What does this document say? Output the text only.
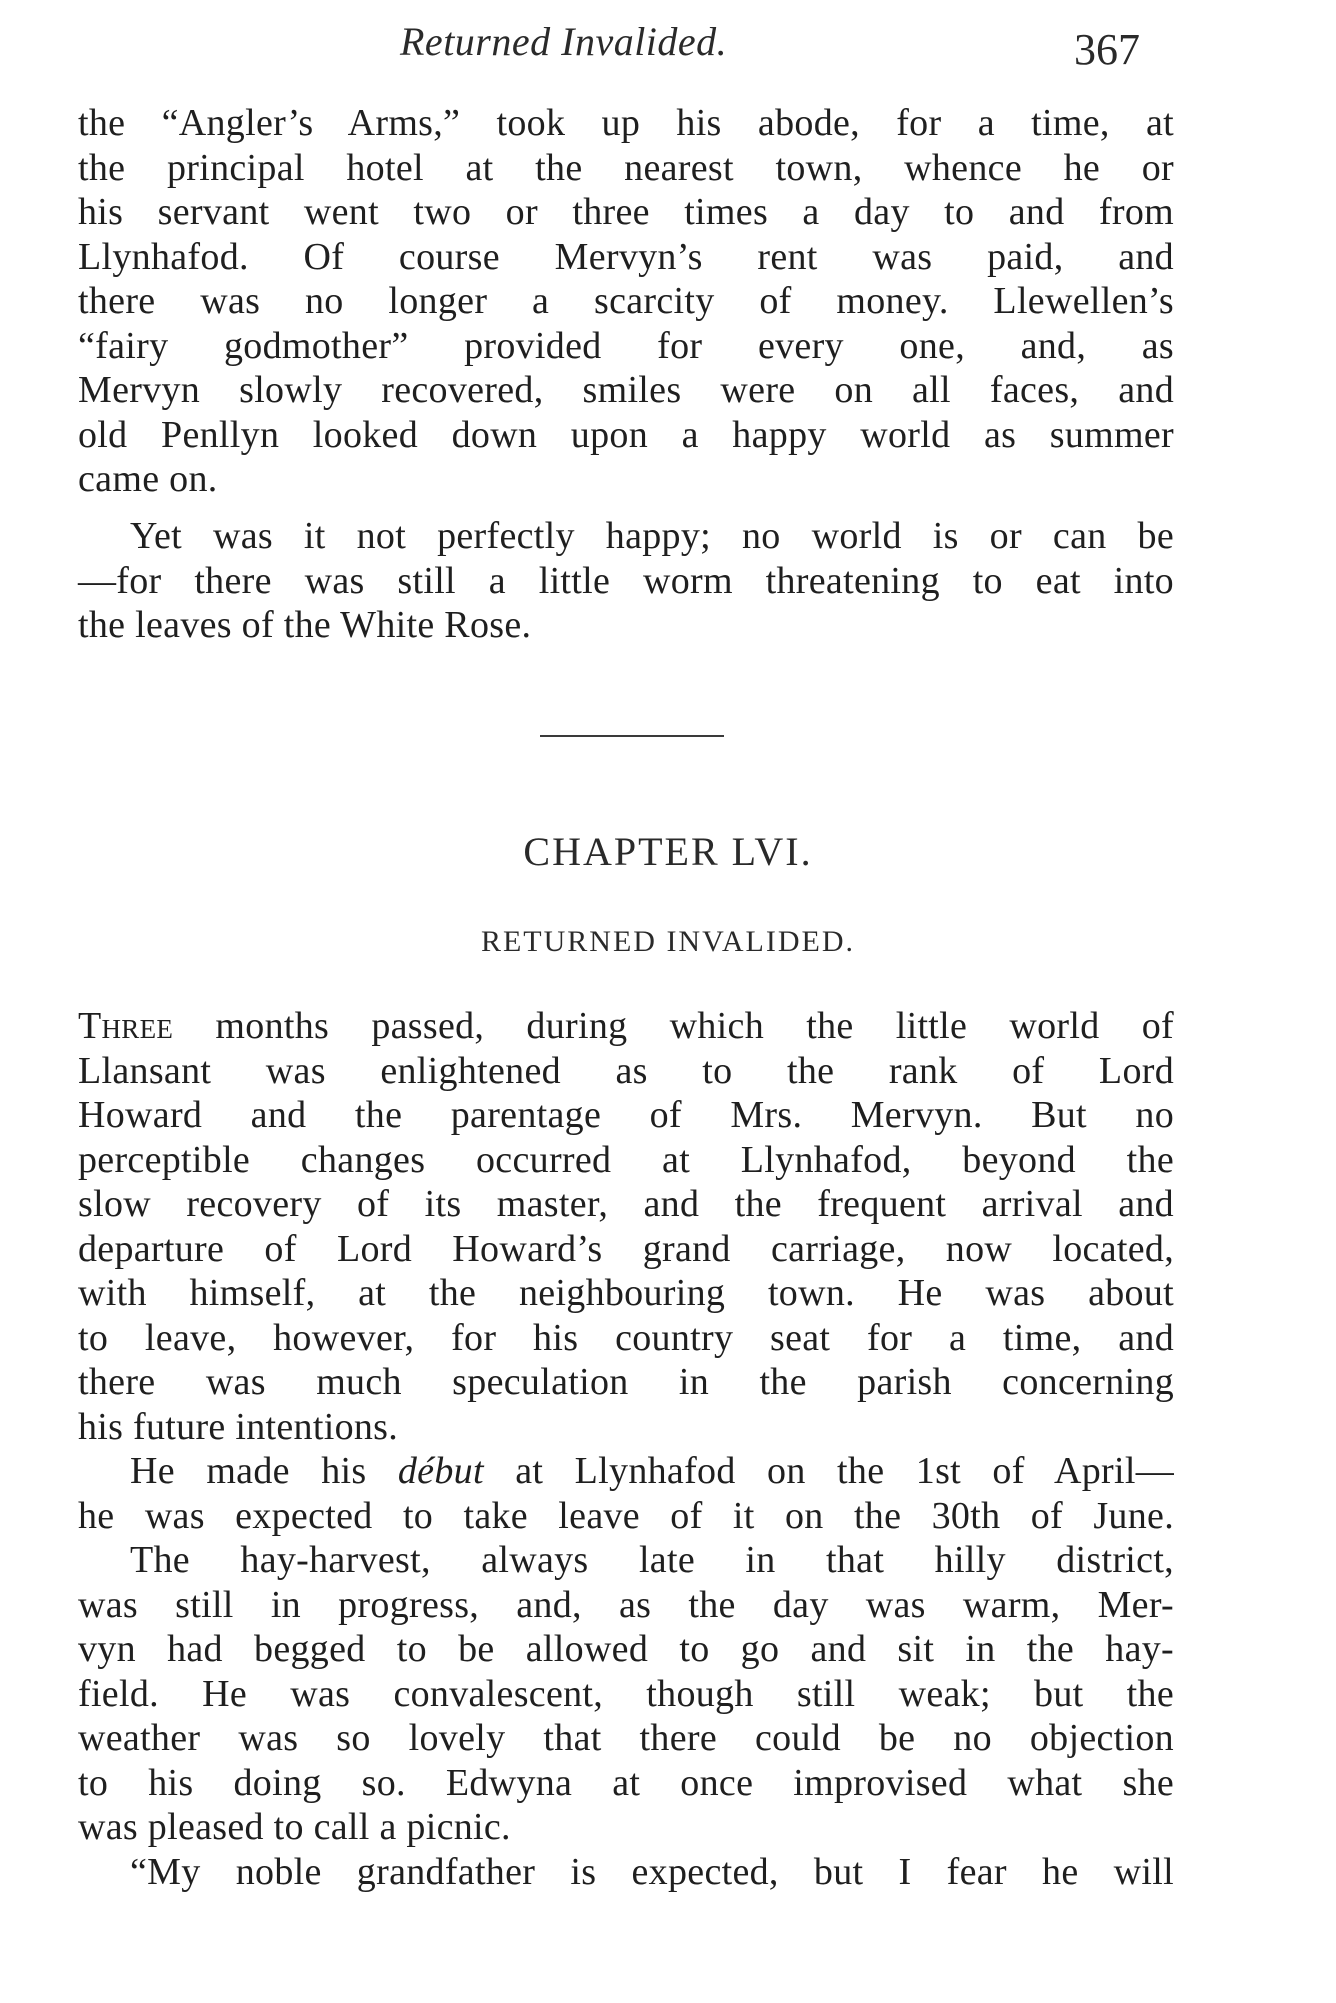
Returned Invalided.	367
the “Angler’s Arms,” took up his abode, for a time, at
the principal hotel at the nearest town, whence he or
his servant went two or three times a day to and from
Llynhafod. Of course Mervyn’s rent was paid, and
there was no longer a scarcity of money. Llewellen’s
“fairy godmother” provided for every one, and, as
Mervyn slowly recovered, smiles were on all faces, and
old Penllyn looked down upon a happy world as summer
came on.
Yet was it not perfectly happy; no world is or can be
—for there was still a little worm threatening to eat into
the leaves of the White Rose.
CHAPTER LVI.
RETURNED INVALIDED.
Three months passed, during which the little world of
Llansant was enlightened as to the rank of Lord
Howard and the parentage of Mrs. Mervyn. But no
perceptible changes occurred at Llynhafod, beyond the
slow recovery of its master, and the frequent arrival and
departure of Lord Howard’s grand carriage, now located,
with himself, at the neighbouring town. He was about
to leave, however, for his country seat for a time, and
there was much speculation in the parish concerning
his future intentions.
He made his début at Llynhafod on the 1st of April—
he was expected to take leave of it on the 30th of June.
The hay-harvest, always late in that hilly district,
was still in progress, and, as the day was warm, Mer-
vyn had begged to be allowed to go and sit in the hay-
field. He was convalescent, though still weak; but the
weather was so lovely that there could be no objection
to his doing so. Edwyna at once improvised what she
was pleased to call a picnic.
“My noble grandfather is expected, but I fear he will
